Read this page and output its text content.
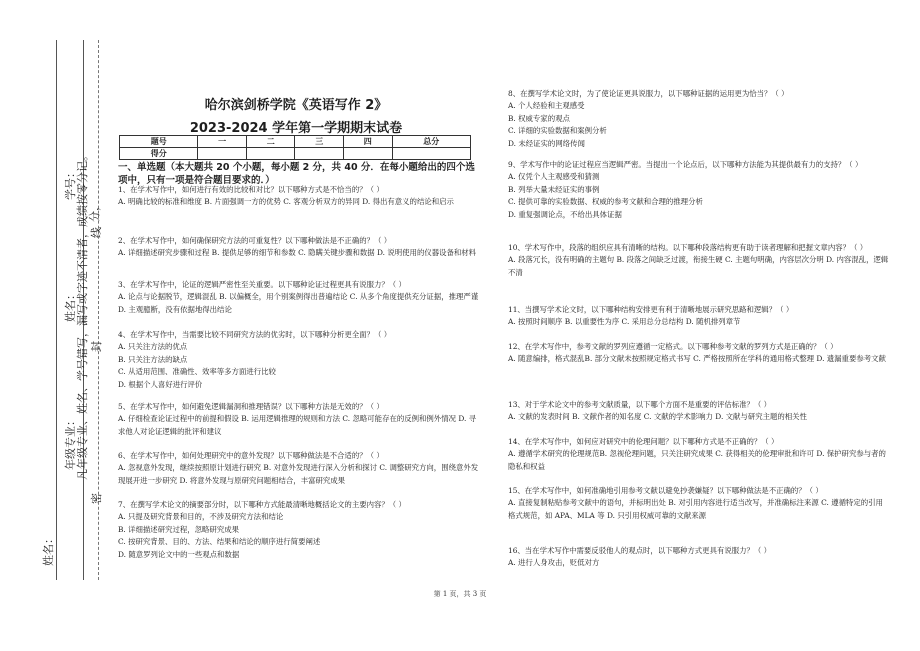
学号：
分，
姓名： 凡年级专业、姓名、学号错写，漏写或字迹不清者，成绩按零分记。 封
年级专业：
密
线
姓名：
哈尔滨剑桥学院《英语写作 2》
2023-2024 学年第一学期期末试卷
题号	一	二	三	四	总分
得分					
一、单选题（本大题共 20 个小题，每小题 2 分，共 40 分．在每小题给出的四个选项中，只有一项是符合题目要求的．）
1、在学术写作中，如何进行有效的比较和对比？以下哪种方式是不恰当的？（ ）
A. 明确比较的标准和维度 B. 片面强调一方的优势 C. 客观分析双方的异同 D. 得出有意义的结论和启示
2、在学术写作中，如何确保研究方法的可重复性？以下哪种做法是不正确的？（ ）
A. 详细描述研究步骤和过程 B. 提供足够的细节和参数 C. 隐瞒关键步骤和数据 D. 说明使用的仪器设备和材料
3、在学术写作中，论证的逻辑严密性至关重要。以下哪种论证过程更具有说服力？（ ）
A. 论点与论据脱节，逻辑混乱 B. 以偏概全，用个别案例得出普遍结论 C. 从多个角度提供充分证据，推理严谨 D. 主观臆断，没有依据地得出结论
4、在学术写作中，当需要比较不同研究方法的优劣时，以下哪种分析更全面？（ ）
A. 只关注方法的优点
B. 只关注方法的缺点
C. 从适用范围、准确性、效率等多方面进行比较
D. 根据个人喜好进行评价
5、在学术写作中，如何避免逻辑漏洞和推理错误？以下哪种方法是无效的？（ ）
A. 仔细检查论证过程中的前提和假设 B. 运用逻辑推理的规则和方法 C. 忽略可能存在的反例和例外情况 D. 寻求他人对论证逻辑的批评和建议
6、在学术写作中，如何处理研究中的意外发现？以下哪种做法是不合适的？（ ）
A. 忽视意外发现，继续按照原计划进行研究 B. 对意外发现进行深入分析和探讨 C. 调整研究方向，围绕意外发现展开进一步研究 D. 将意外发现与原研究问题相结合，丰富研究成果
7、在撰写学术论文的摘要部分时，以下哪种方式能最清晰地概括论文的主要内容？（ ）
A. 只提及研究背景和目的，不涉及研究方法和结论
B. 详细描述研究过程，忽略研究成果
C. 按研究背景、目的、方法、结果和结论的顺序进行简要阐述
D. 随意罗列论文中的一些观点和数据
8、在撰写学术论文时，为了使论证更具说服力，以下哪种证据的运用更为恰当？（ ）
A. 个人经验和主观感受
B. 权威专家的观点
C. 详细的实验数据和案例分析
D. 未经证实的网络传闻
9、学术写作中的论证过程应当逻辑严密。当提出一个论点后，以下哪种方法能为其提供最有力的支持？（ ）
A. 仅凭个人主观感受和猜测
B. 列举大量未经证实的事例
C. 提供可靠的实验数据、权威的参考文献和合理的推理分析
D. 重复强调论点，不给出具体证据
10、学术写作中，段落的组织应具有清晰的结构。以下哪种段落结构更有助于读者理解和把握文章内容？（ ）
A. 段落冗长，没有明确的主题句 B. 段落之间缺乏过渡，衔接生硬 C. 主题句明确，内容层次分明 D. 内容混乱，逻辑不清
11、当撰写学术论文时，以下哪种结构安排更有利于清晰地展示研究思路和逻辑？（ ）
A. 按照时间顺序 B. 以重要性为序 C. 采用总分总结构 D. 随机排列章节
12、在学术写作中，参考文献的罗列应遵循一定格式。以下哪种参考文献的罗列方式是正确的？（ ）
A. 随意编排，格式混乱B. 部分文献未按照规定格式书写 C. 严格按照所在学科的通用格式整理 D. 遗漏重要参考文献
13、对于学术论文中的参考文献质量，以下哪个方面不是重要的评估标准？（ ）
A. 文献的发表时间 B. 文献作者的知名度 C. 文献的学术影响力 D. 文献与研究主题的相关性
14、在学术写作中，如何应对研究中的伦理问题？以下哪种方式是不正确的？（ ）
A. 遵循学术研究的伦理规范B. 忽视伦理问题，只关注研究成果 C. 获得相关的伦理审批和许可 D. 保护研究参与者的隐私和权益
15、在学术写作中，如何准确地引用参考文献以避免抄袭嫌疑？以下哪种做法是不正确的？（ ）
A. 直接复制粘贴参考文献中的语句，并标明出处 B. 对引用内容进行适当改写，并准确标注来源 C. 遵循特定的引用格式规范，如 APA、MLA 等 D. 只引用权威可靠的文献来源
16、当在学术写作中需要反驳他人的观点时，以下哪种方式更具有说服力？（ ）
A. 进行人身攻击，贬低对方
第 1 页，共 3 页
